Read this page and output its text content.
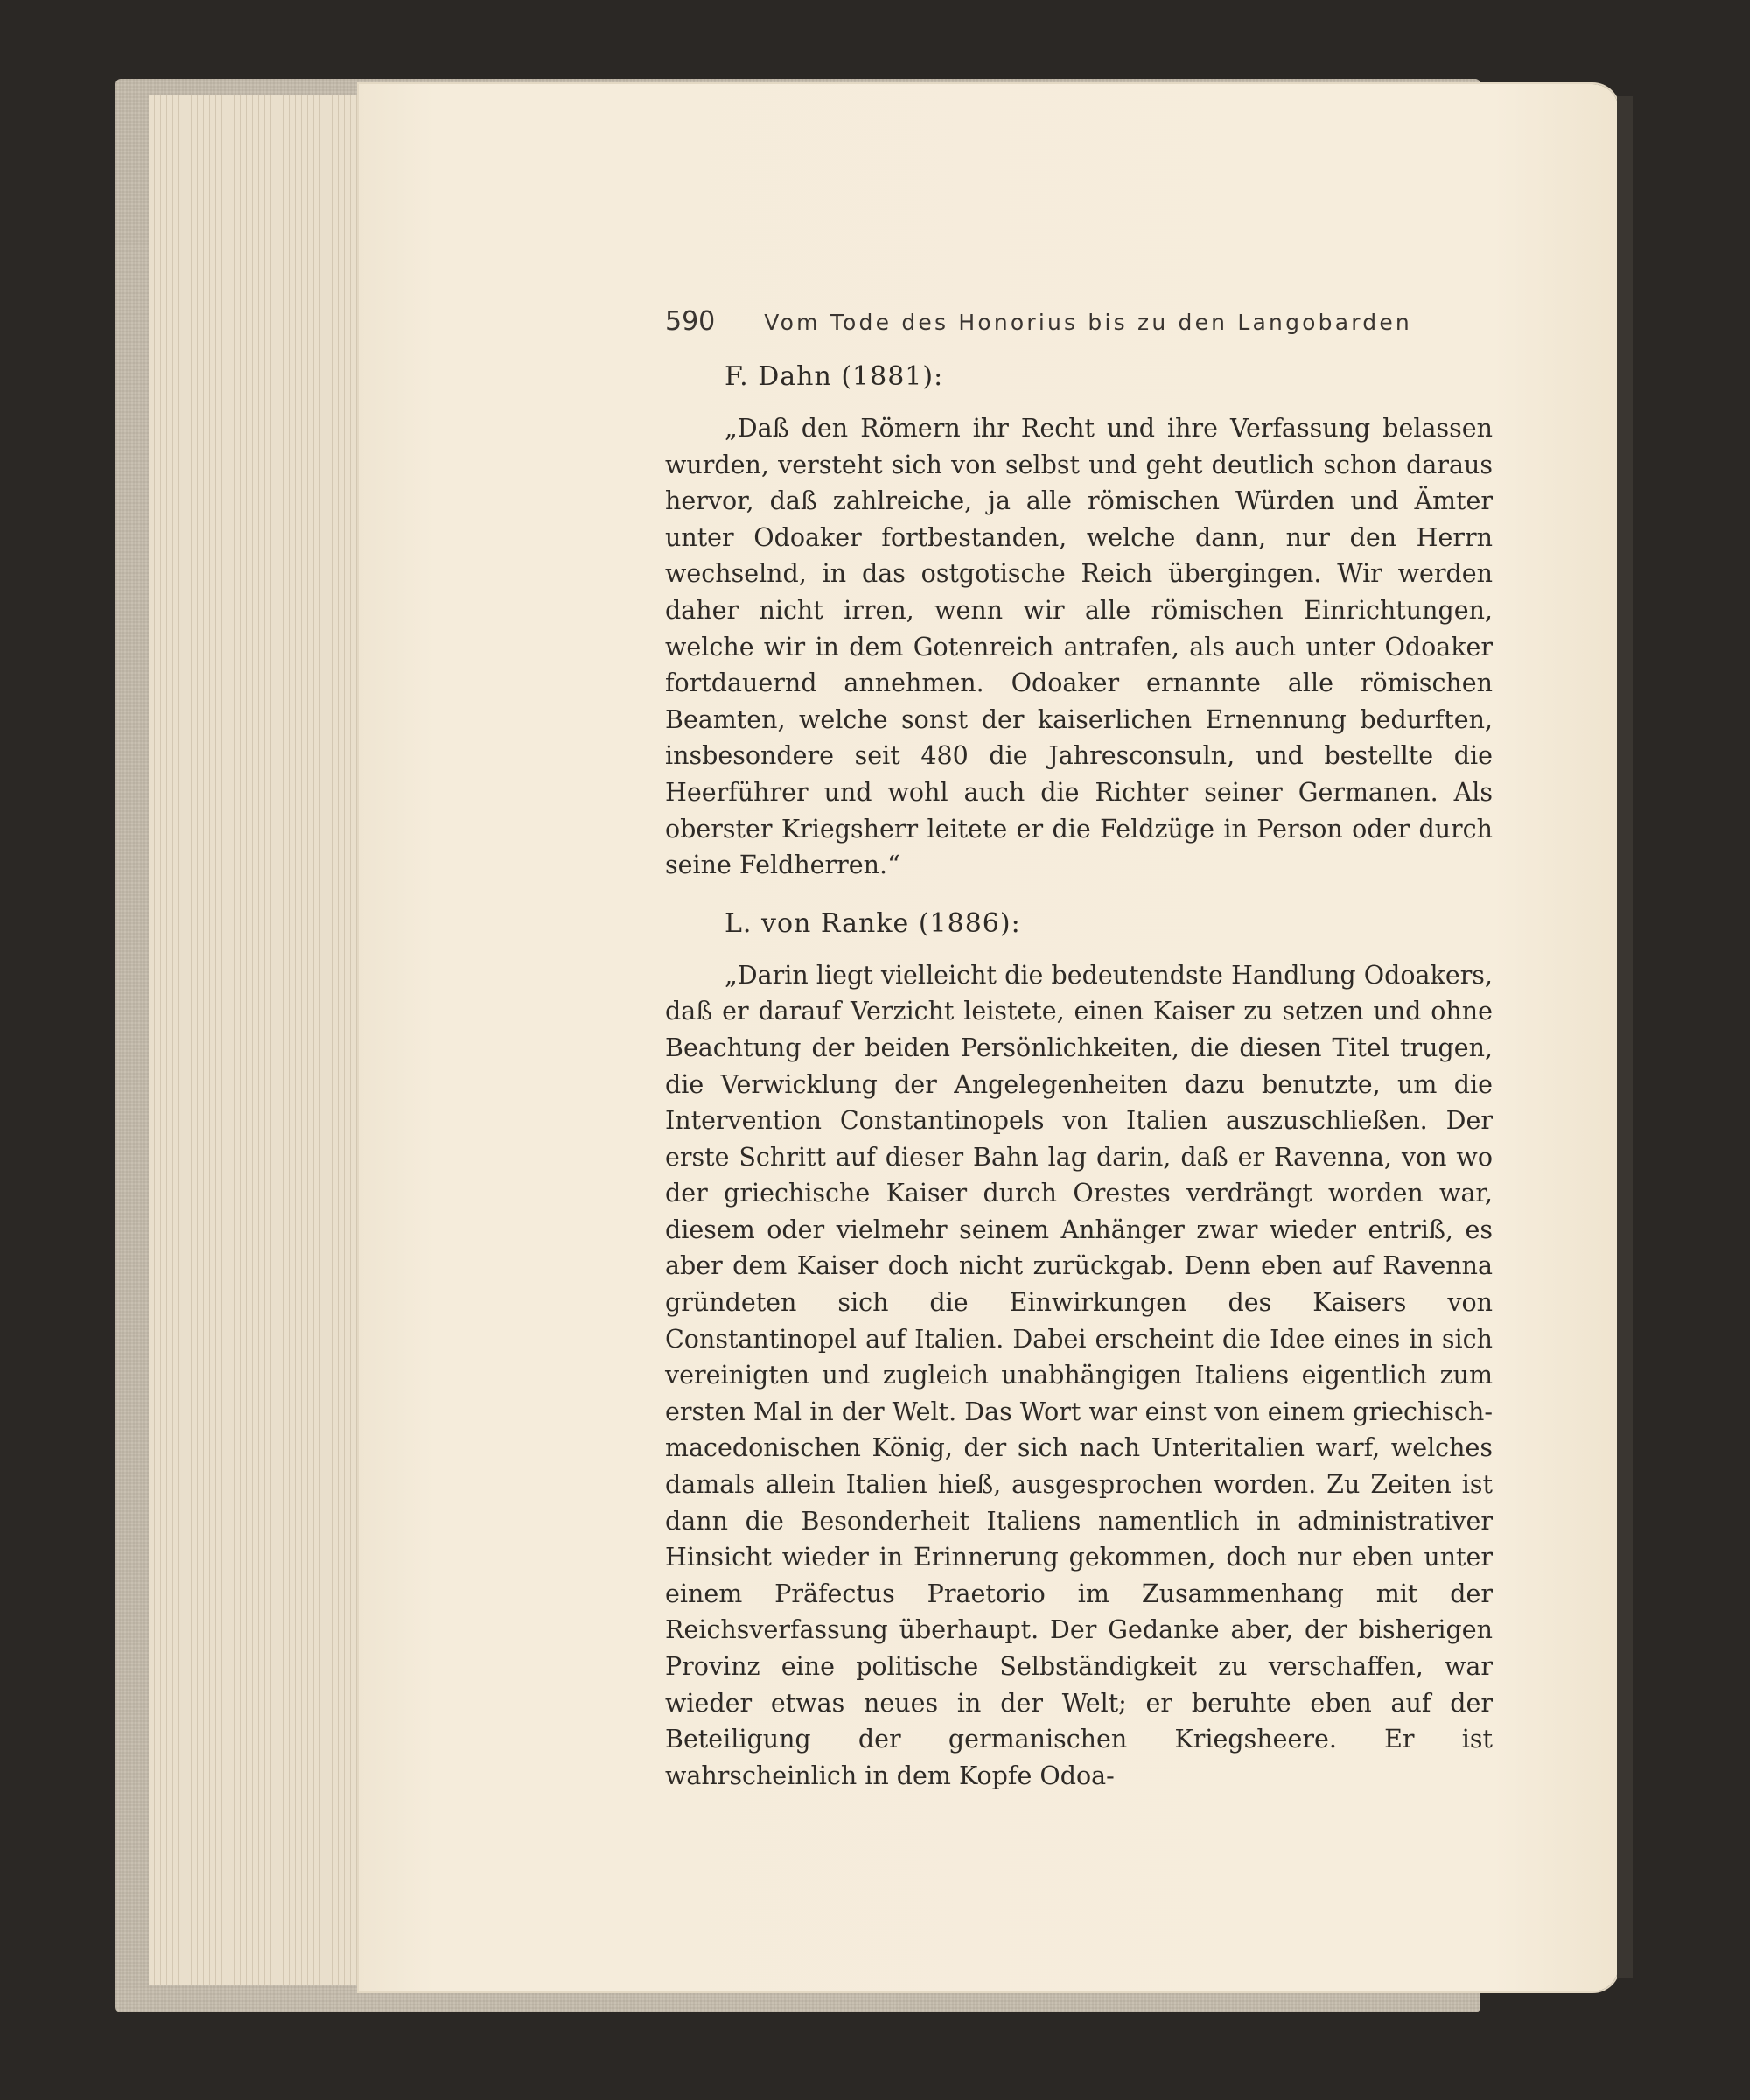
590 Vom Tode des Honorius bis zu den Langobarden
F. Dahn (1881):

„Daß den Römern ihr Recht und ihre Verfassung belassen wurden, versteht sich von selbst und geht deutlich schon daraus hervor, daß zahlreiche, ja alle römischen Würden und Ämter unter Odoaker fortbestanden, welche dann, nur den Herrn wechselnd, in das ostgotische Reich übergingen. Wir werden daher nicht irren, wenn wir alle römischen Einrichtungen, welche wir in dem Gotenreich antrafen, als auch unter Odoaker fortdauernd annehmen. Odoaker ernannte alle römischen Beamten, welche sonst der kaiserlichen Ernennung bedurften, insbesondere seit 480 die Jahresconsuln, und bestellte die Heerführer und wohl auch die Richter seiner Germanen. Als oberster Kriegsherr leitete er die Feldzüge in Person oder durch seine Feldherren.“

L. von Ranke (1886):

„Darin liegt vielleicht die bedeutendste Handlung Odoakers, daß er darauf Verzicht leistete, einen Kaiser zu setzen und ohne Beachtung der beiden Persönlichkeiten, die diesen Titel trugen, die Verwicklung der Angelegenheiten dazu benutzte, um die Intervention Constantinopels von Italien auszuschließen. Der erste Schritt auf dieser Bahn lag darin, daß er Ravenna, von wo der griechische Kaiser durch Orestes verdrängt worden war, diesem oder vielmehr seinem Anhänger zwar wieder entriß, es aber dem Kaiser doch nicht zurückgab. Denn eben auf Ravenna gründeten sich die Einwirkungen des Kaisers von Constantinopel auf Italien. Dabei erscheint die Idee eines in sich vereinigten und zugleich unabhängigen Italiens eigentlich zum ersten Mal in der Welt. Das Wort war einst von einem griechisch-macedonischen König, der sich nach Unteritalien warf, welches damals allein Italien hieß, ausgesprochen worden. Zu Zeiten ist dann die Besonderheit Italiens namentlich in administrativer Hinsicht wieder in Erinnerung gekommen, doch nur eben unter einem Präfectus Praetorio im Zusammenhang mit der Reichsverfassung überhaupt. Der Gedanke aber, der bisherigen Provinz eine politische Selbständigkeit zu verschaffen, war wieder etwas neues in der Welt; er beruhte eben auf der Beteiligung der germanischen Kriegsheere. Er ist wahrscheinlich in dem Kopfe Odoa-
